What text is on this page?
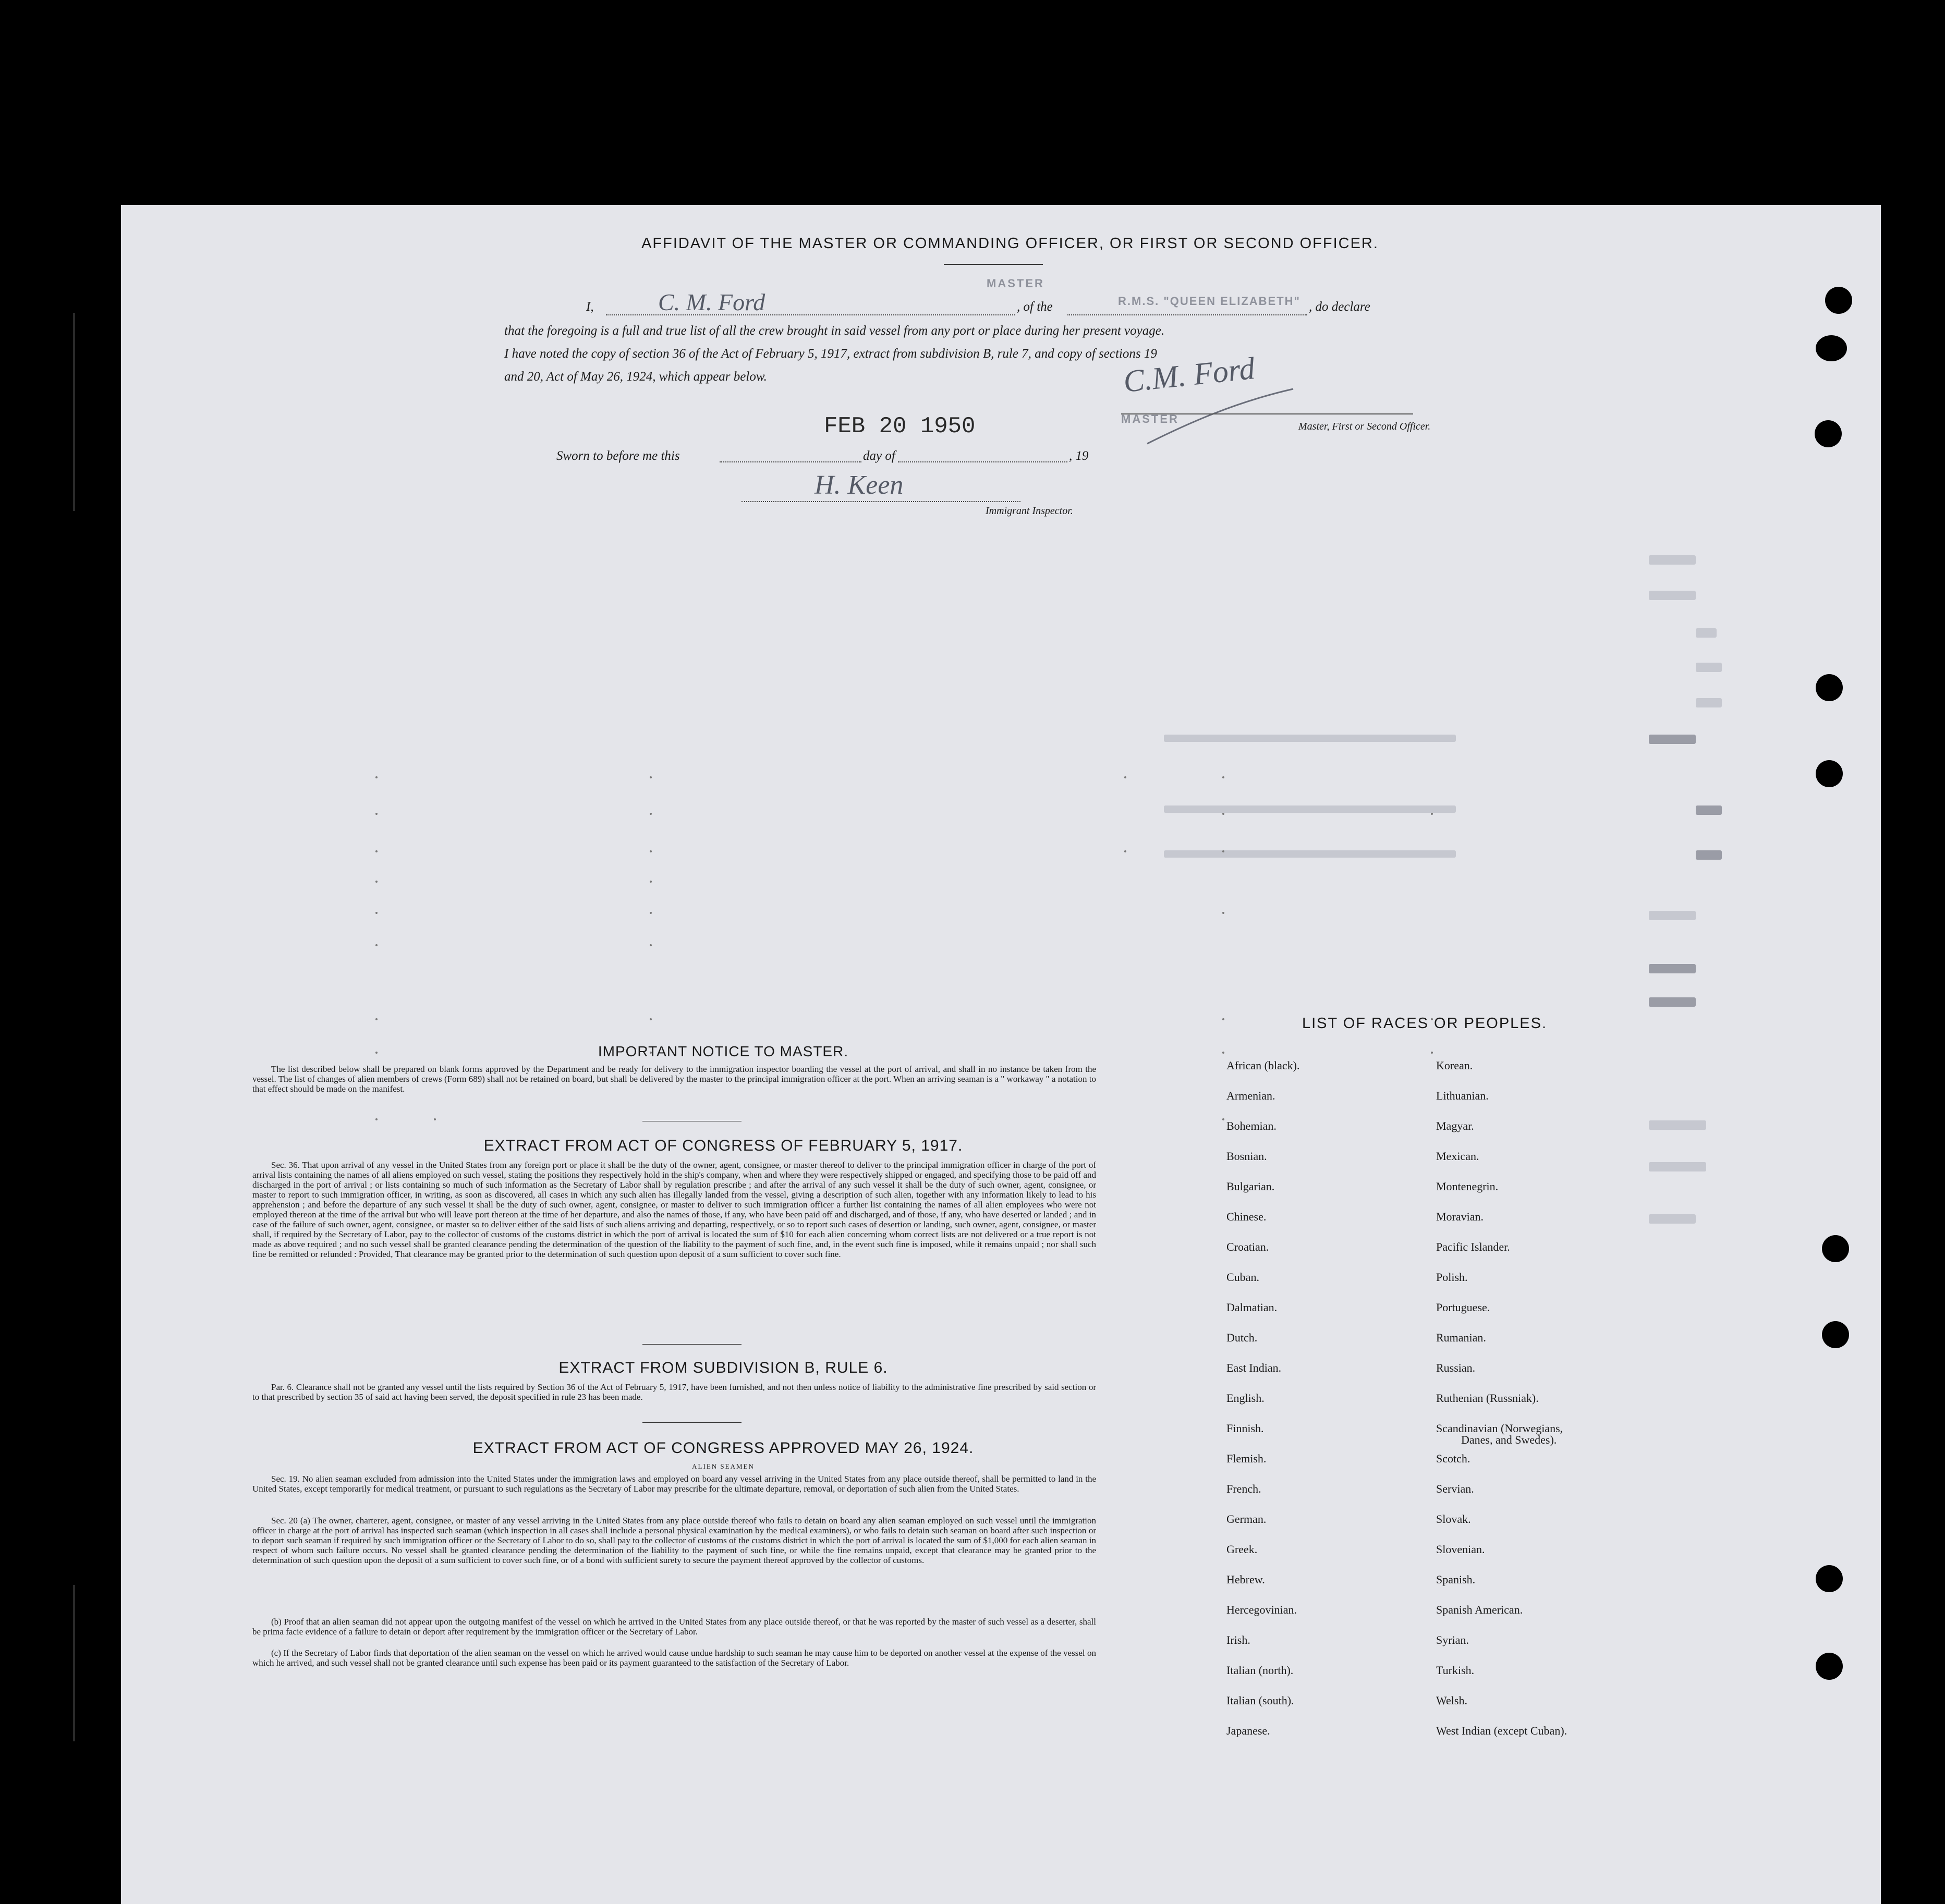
AFFIDAVIT OF THE MASTER OR COMMANDING OFFICER, OR FIRST OR SECOND OFFICER.
MASTER
I,	C. M. Ford	, of the	R.M.S. "QUEEN ELIZABETH" , do declare
that the foregoing is a full and true list of all the crew brought in said vessel from any port or place during her present voyage.
I have noted the copy of section 36 of the Act of February 5, 1917, extract from subdivision B, rule 7, and copy of sections 19
and 20, Act of May 26, 1924, which appear below.	C.M. Ford
MASTER
Master, First or Second Officer.
FEB 20 1950
Sworn to before me this	day of	, 19
H. Keen
Immigrant Inspector.
IMPORTANT NOTICE TO MASTER.
The list described below shall be prepared on blank forms approved by the Department and be ready for delivery to the immigration inspector boarding the vessel at the port of arrival, and shall in no instance be taken from the vessel. The list of changes of alien members of crews (Form 689) shall not be retained on board, but shall be delivered by the master to the principal immigration officer at the port. When an arriving seaman is a " workaway " a notation to that effect should be made on the manifest.
EXTRACT FROM ACT OF CONGRESS OF FEBRUARY 5, 1917.
Sec. 36. That upon arrival of any vessel in the United States from any foreign port or place it shall be the duty of the owner, agent, consignee, or master thereof to deliver to the principal immigration officer in charge of the port of arrival lists containing the names of all aliens employed on such vessel, stating the positions they respectively hold in the ship's company, when and where they were respectively shipped or engaged, and specifying those to be paid off and discharged in the port of arrival ; or lists containing so much of such information as the Secretary of Labor shall by regulation prescribe ; and after the arrival of any such vessel it shall be the duty of such owner, agent, consignee, or master to report to such immigration officer, in writing, as soon as discovered, all cases in which any such alien has illegally landed from the vessel, giving a description of such alien, together with any information likely to lead to his apprehension ; and before the departure of any such vessel it shall be the duty of such owner, agent, consignee, or master to deliver to such immigration officer a further list containing the names of all alien employees who were not employed thereon at the time of the arrival but who will leave port thereon at the time of her departure, and also the names of those, if any, who have been paid off and discharged, and of those, if any, who have deserted or landed ; and in case of the failure of such owner, agent, consignee, or master so to deliver either of the said lists of such aliens arriving and departing, respectively, or so to report such cases of desertion or landing, such owner, agent, consignee, or master shall, if required by the Secretary of Labor, pay to the collector of customs of the customs district in which the port of arrival is located the sum of $10 for each alien concerning whom correct lists are not delivered or a true report is not made as above required ; and no such vessel shall be granted clearance pending the determination of the question of the liability to the payment of such fine, and, in the event such fine is imposed, while it remains unpaid ; nor shall such fine be remitted or refunded : Provided, That clearance may be granted prior to the determination of such question upon deposit of a sum sufficient to cover such fine.
EXTRACT FROM SUBDIVISION B, RULE 6.
Par. 6. Clearance shall not be granted any vessel until the lists required by Section 36 of the Act of February 5, 1917, have been furnished, and not then unless notice of liability to the administrative fine prescribed by said section or to that prescribed by section 35 of said act having been served, the deposit specified in rule 23 has been made.
EXTRACT FROM ACT OF CONGRESS APPROVED MAY 26, 1924.
ALIEN SEAMEN
Sec. 19. No alien seaman excluded from admission into the United States under the immigration laws and employed on board any vessel arriving in the United States from any place outside thereof, shall be permitted to land in the United States, except temporarily for medical treatment, or pursuant to such regulations as the Secretary of Labor may prescribe for the ultimate departure, removal, or deportation of such alien from the United States.
Sec. 20 (a) The owner, charterer, agent, consignee, or master of any vessel arriving in the United States from any place outside thereof who fails to detain on board any alien seaman employed on such vessel until the immigration officer in charge at the port of arrival has inspected such seaman (which inspection in all cases shall include a personal physical examination by the medical examiners), or who fails to detain such seaman on board after such inspection or to deport such seaman if required by such immigration officer or the Secretary of Labor to do so, shall pay to the collector of customs of the customs district in which the port of arrival is located the sum of $1,000 for each alien seaman in respect of whom such failure occurs. No vessel shall be granted clearance pending the determination of the liability to the payment of such fine, or while the fine remains unpaid, except that clearance may be granted prior to the determination of such question upon the deposit of a sum sufficient to cover such fine, or of a bond with sufficient surety to secure the payment thereof approved by the collector of customs.
(b) Proof that an alien seaman did not appear upon the outgoing manifest of the vessel on which he arrived in the United States from any place outside thereof, or that he was reported by the master of such vessel as a deserter, shall be prima facie evidence of a failure to detain or deport after requirement by the immigration officer or the Secretary of Labor.
(c) If the Secretary of Labor finds that deportation of the alien seaman on the vessel on which he arrived would cause undue hardship to such seaman he may cause him to be deported on another vessel at the expense of the vessel on which he arrived, and such vessel shall not be granted clearance until such expense has been paid or its payment guaranteed to the satisfaction of the Secretary of Labor.
LIST OF RACES OR PEOPLES.
African (black).
Armenian.
Bohemian.
Bosnian.
Bulgarian.
Chinese.
Croatian.
Cuban.
Dalmatian.
Dutch.
East Indian.
English.
Finnish.
Flemish.
French.
German.
Greek.
Hebrew.
Hercegovinian.
Irish.
Italian (north).
Italian (south).
Japanese.
Korean.
Lithuanian.
Magyar.
Mexican.
Montenegrin.
Moravian.
Pacific Islander.
Polish.
Portuguese.
Rumanian.
Russian.
Ruthenian (Russniak).
Scandinavian (Norwegians,
Danes, and Swedes).
Scotch.
Servian.
Slovak.
Slovenian.
Spanish.
Spanish American.
Syrian.
Turkish.
Welsh.
West Indian (except Cuban).
